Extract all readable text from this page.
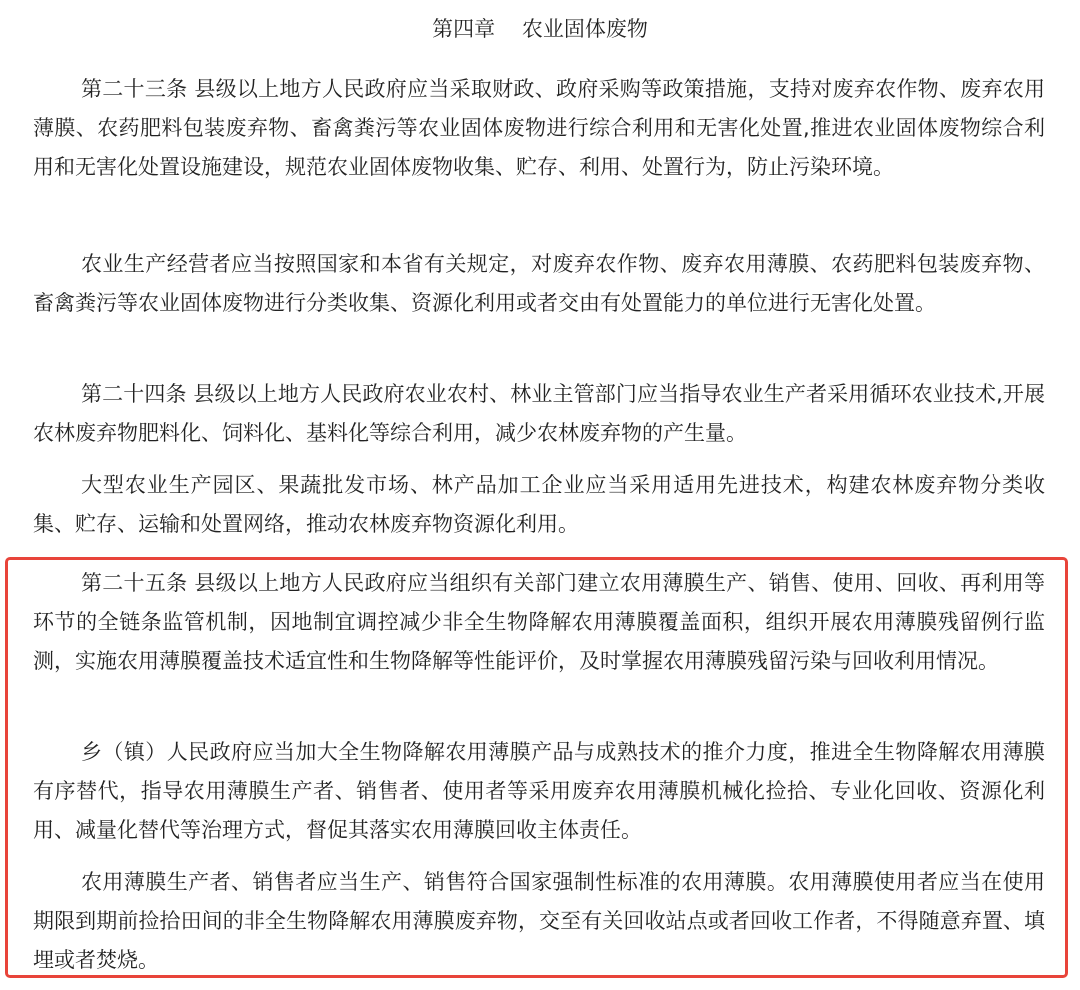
第四章    农业固体废物

第二十三条 县级以上地方人民政府应当采取财政、政府采购等政策措施，支持对废弃农作物、废弃农用薄膜、农药肥料包装废弃物、畜禽粪污等农业固体废物进行综合利用和无害化处置,推进农业固体废物综合利用和无害化处置设施建设，规范农业固体废物收集、贮存、利用、处置行为，防止污染环境。

农业生产经营者应当按照国家和本省有关规定，对废弃农作物、废弃农用薄膜、农药肥料包装废弃物、畜禽粪污等农业固体废物进行分类收集、资源化利用或者交由有处置能力的单位进行无害化处置。

第二十四条 县级以上地方人民政府农业农村、林业主管部门应当指导农业生产者采用循环农业技术,开展农林废弃物肥料化、饲料化、基料化等综合利用，减少农林废弃物的产生量。

大型农业生产园区、果蔬批发市场、林产品加工企业应当采用适用先进技术，构建农林废弃物分类收集、贮存、运输和处置网络，推动农林废弃物资源化利用。

第二十五条 县级以上地方人民政府应当组织有关部门建立农用薄膜生产、销售、使用、回收、再利用等环节的全链条监管机制，因地制宜调控减少非全生物降解农用薄膜覆盖面积，组织开展农用薄膜残留例行监测，实施农用薄膜覆盖技术适宜性和生物降解等性能评价，及时掌握农用薄膜残留污染与回收利用情况。

乡（镇）人民政府应当加大全生物降解农用薄膜产品与成熟技术的推介力度，推进全生物降解农用薄膜有序替代，指导农用薄膜生产者、销售者、使用者等采用废弃农用薄膜机械化捡拾、专业化回收、资源化利用、减量化替代等治理方式，督促其落实农用薄膜回收主体责任。

农用薄膜生产者、销售者应当生产、销售符合国家强制性标准的农用薄膜。农用薄膜使用者应当在使用期限到期前捡拾田间的非全生物降解农用薄膜废弃物，交至有关回收站点或者回收工作者，不得随意弃置、填埋或者焚烧。
